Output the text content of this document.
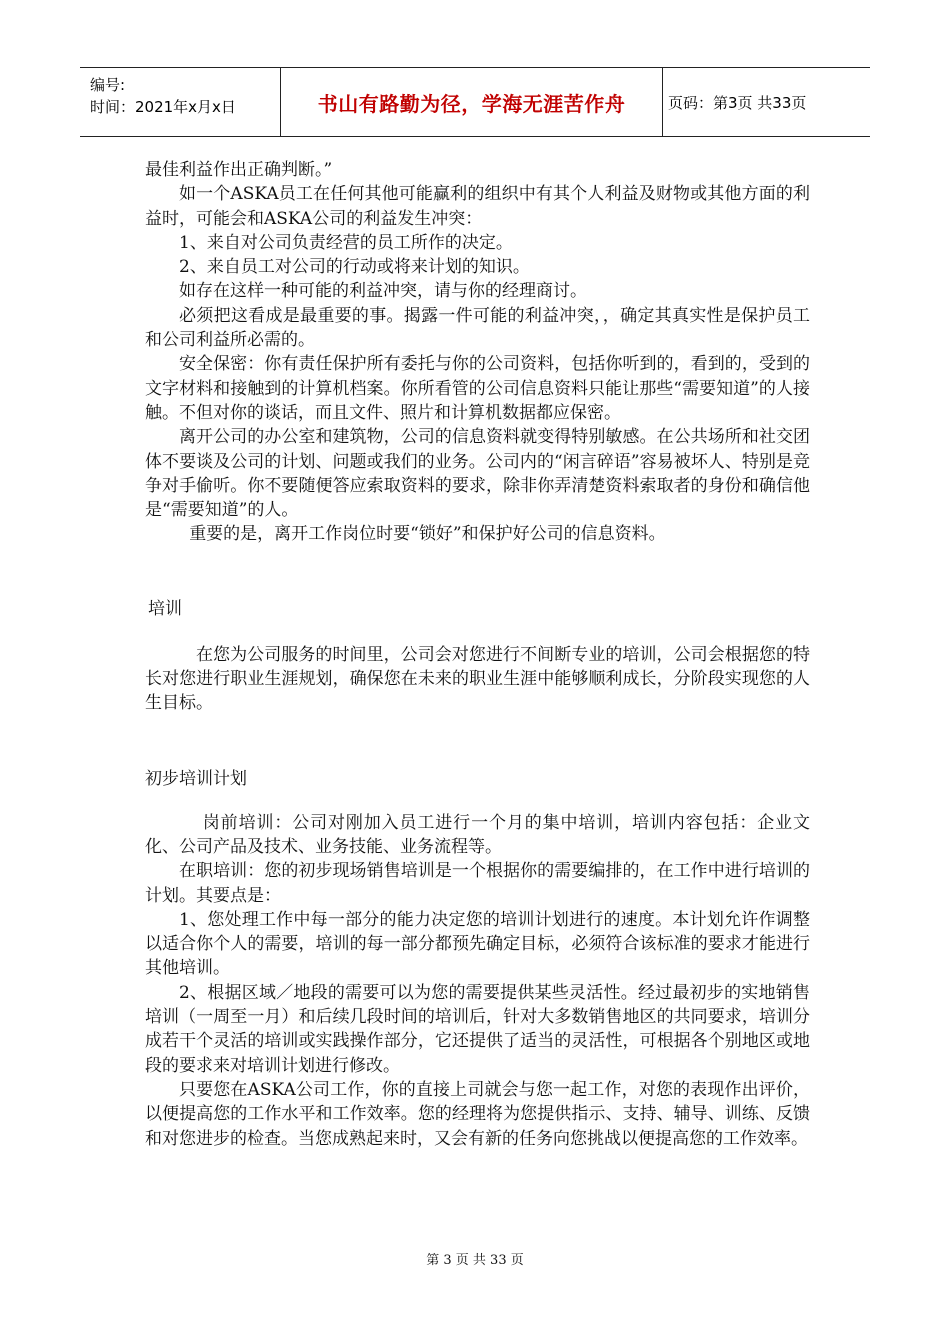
编号:
时间：2021年x月x日	书山有路勤为径，学海无涯苦作舟	页码：第3页 共33页

最佳利益作出正确判断。”

如一个ASKA员工在任何其他可能赢利的组织中有其个人利益及财物或其他方面的利益时，可能会和ASKA公司的利益发生冲突：

1、来自对公司负责经营的员工所作的决定。

2、来自员工对公司的行动或将来计划的知识。

如存在这样一种可能的利益冲突，请与你的经理商讨。

必须把这看成是最重要的事。揭露一件可能的利益冲突，，确定其真实性是保护员工和公司利益所必需的。

安全保密：你有责任保护所有委托与你的公司资料，包括你听到的，看到的，受到的文字材料和接触到的计算机档案。你所看管的公司信息资料只能让那些“需要知道”的人接触。不但对你的谈话，而且文件、照片和计算机数据都应保密。

离开公司的办公室和建筑物，公司的信息资料就变得特别敏感。在公共场所和社交团体不要谈及公司的计划、问题或我们的业务。公司内的“闲言碎语”容易被坏人、特别是竞争对手偷听。你不要随便答应索取资料的要求，除非你弄清楚资料索取者的身份和确信他是“需要知道”的人。

重要的是，离开工作岗位时要“锁好”和保护好公司的信息资料。

培训

在您为公司服务的时间里，公司会对您进行不间断专业的培训，公司会根据您的特长对您进行职业生涯规划，确保您在未来的职业生涯中能够顺利成长，分阶段实现您的人生目标。

初步培训计划

岗前培训：公司对刚加入员工进行一个月的集中培训，培训内容包括：企业文化、公司产品及技术、业务技能、业务流程等。

在职培训：您的初步现场销售培训是一个根据你的需要编排的，在工作中进行培训的计划。其要点是：

1、您处理工作中每一部分的能力决定您的培训计划进行的速度。本计划允许作调整以适合你个人的需要，培训的每一部分都预先确定目标，必须符合该标准的要求才能进行其他培训。

2、根据区域／地段的需要可以为您的需要提供某些灵活性。经过最初步的实地销售培训（一周至一月）和后续几段时间的培训后，针对大多数销售地区的共同要求，培训分成若干个灵活的培训或实践操作部分，它还提供了适当的灵活性，可根据各个别地区或地段的要求来对培训计划进行修改。

只要您在ASKA公司工作，你的直接上司就会与您一起工作，对您的表现作出评价，以便提高您的工作水平和工作效率。您的经理将为您提供指示、支持、辅导、训练、反馈和对您进步的检查。当您成熟起来时，又会有新的任务向您挑战以便提高您的工作效率。

第 3 页 共 33 页
